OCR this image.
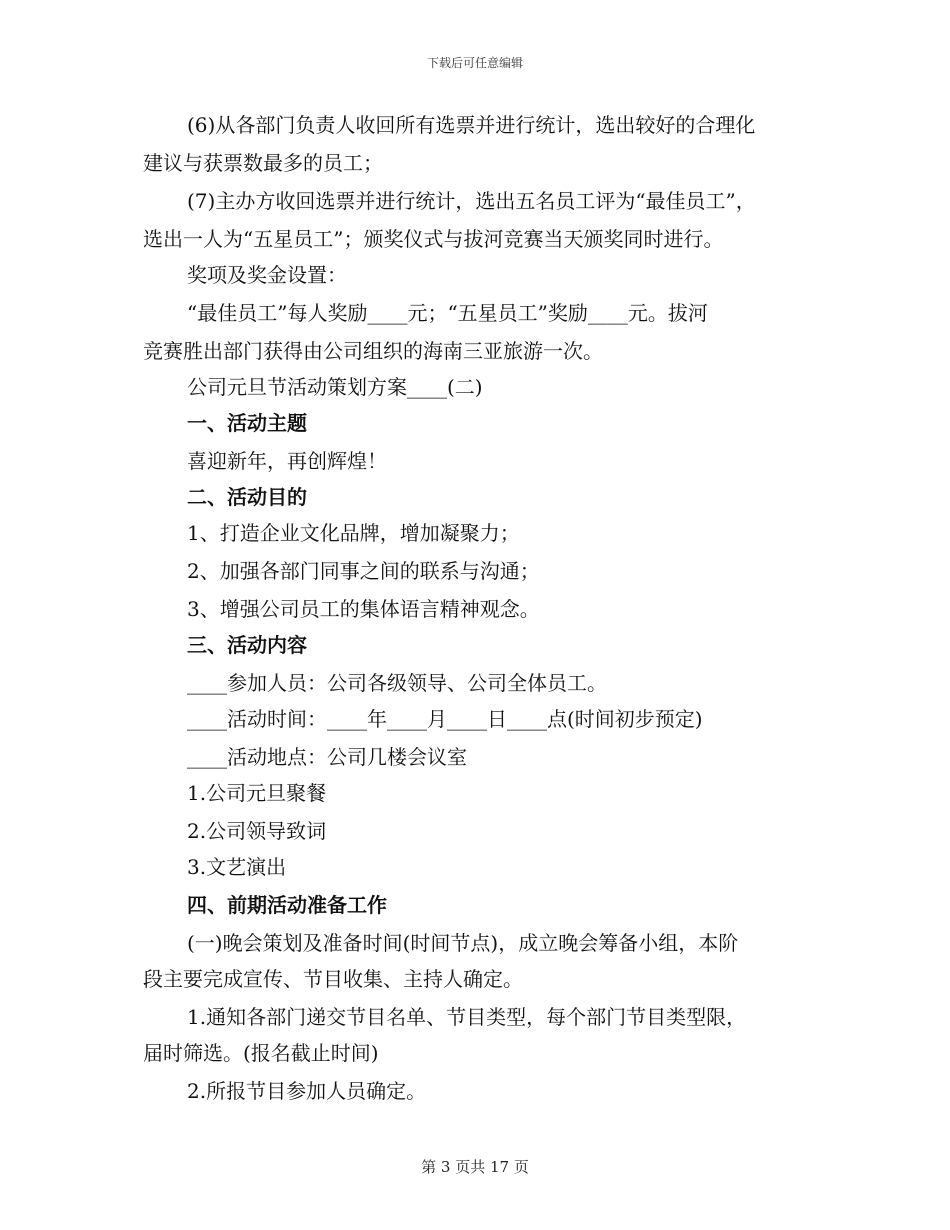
下载后可任意编辑
(6)从各部门负责人收回所有选票并进行统计，选出较好的合理化
建议与获票数最多的员工；
(7)主办方收回选票并进行统计，选出五名员工评为“最佳员工”，
选出一人为“五星员工”；颁奖仪式与拔河竞赛当天颁奖同时进行。
奖项及奖金设置：
“最佳员工”每人奖励____元；“五星员工”奖励____元。拔河
竞赛胜出部门获得由公司组织的海南三亚旅游一次。
公司元旦节活动策划方案____(二)
一、活动主题
喜迎新年，再创辉煌！
二、活动目的
1、打造企业文化品牌，增加凝聚力；
2、加强各部门同事之间的联系与沟通；
3、增强公司员工的集体语言精神观念。
三、活动内容
____参加人员：公司各级领导、公司全体员工。
____活动时间：____年____月____日____点(时间初步预定)
____活动地点：公司几楼会议室
1.公司元旦聚餐
2.公司领导致词
3.文艺演出
四、前期活动准备工作
(一)晚会策划及准备时间(时间节点)，成立晚会筹备小组，本阶
段主要完成宣传、节目收集、主持人确定。
1.通知各部门递交节目名单、节目类型，每个部门节目类型限，
届时筛选。(报名截止时间)
2.所报节目参加人员确定。
第 3 页共 17 页
